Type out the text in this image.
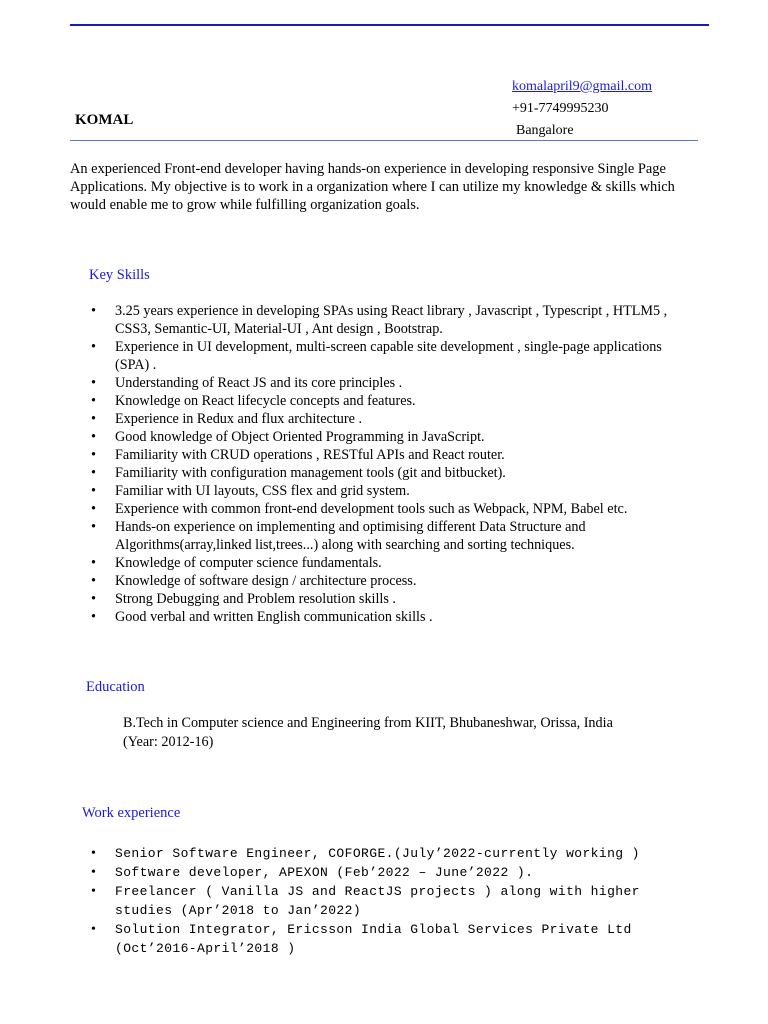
komalapril9@gmail.com
+91-7749995230
Bangalore
KOMAL
An experienced Front-end developer having hands-on experience in developing responsive Single Page Applications. My objective is to work in a organization where I can utilize my knowledge & skills which would enable me to grow while fulfilling organization goals.
Key Skills
• 3.25 years experience in developing SPAs using React library , Javascript , Typescript , HTLM5 , CSS3, Semantic-UI, Material-UI , Ant design , Bootstrap.
• Experience in UI development, multi-screen capable site development , single-page applications (SPA) .
• Understanding of React JS and its core principles .
• Knowledge on React lifecycle concepts and features.
• Experience in Redux and flux architecture .
• Good knowledge of Object Oriented Programming in JavaScript.
• Familiarity with CRUD operations , RESTful APIs and React router.
• Familiarity with configuration management tools (git and bitbucket).
• Familiar with UI layouts, CSS flex and grid system.
• Experience with common front-end development tools such as Webpack, NPM, Babel etc.
• Hands-on experience on implementing and optimising different Data Structure and Algorithms(array,linked list,trees...) along with searching and sorting techniques.
• Knowledge of computer science fundamentals.
• Knowledge of software design / architecture process.
• Strong Debugging and Problem resolution skills .
• Good verbal and written English communication skills .
Education
B.Tech in Computer science and Engineering from KIIT, Bhubaneshwar, Orissa, India
(Year: 2012-16)
Work experience
• Senior Software Engineer, COFORGE.(July’2022-currently working )
• Software developer, APEXON (Feb’2022 – June’2022 ).
• Freelancer ( Vanilla JS and ReactJS projects ) along with higher studies (Apr’2018 to Jan’2022)
• Solution Integrator, Ericsson India Global Services Private Ltd (Oct’2016-April’2018 )
